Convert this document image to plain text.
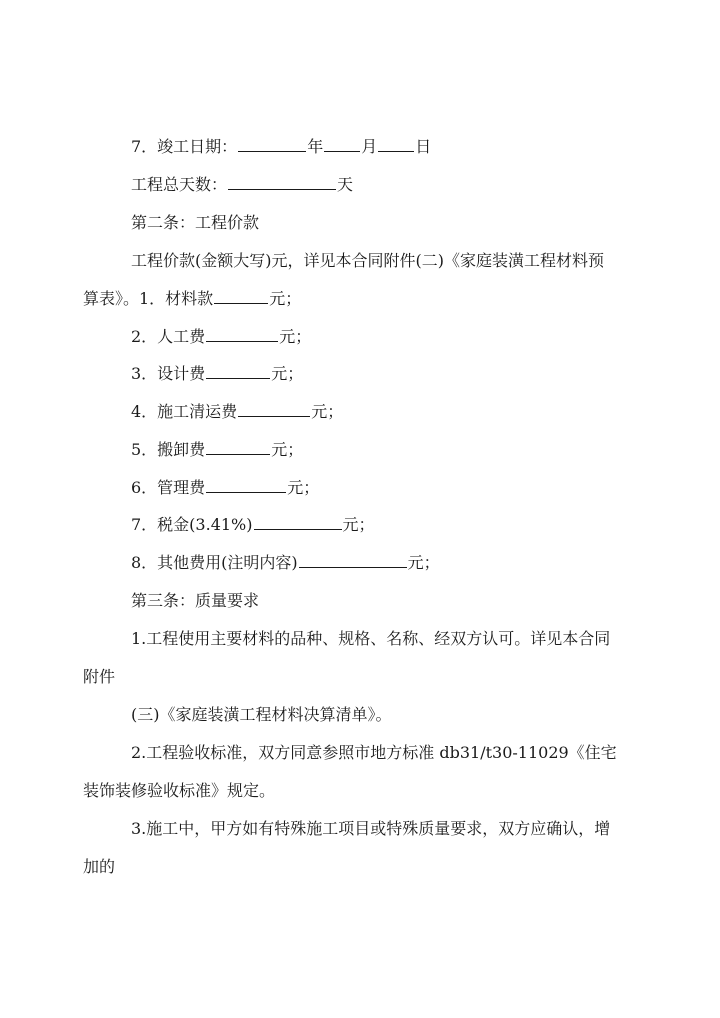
7．竣工日期：	年 月 日
工程总天数：	天
第二条：工程价款
工程价款(金额大写)元，详见本合同附件(二)《家庭装潢工程材料预
算表》。1．材料款	元；
2．人工费	元；
3．设计费	元；
4．施工清运费	元；
5．搬卸费	元；
6．管理费	元；
7．税金(3.41%)	元；
8．其他费用(注明内容)	元；
第三条：质量要求
1.工程使用主要材料的品种、规格、名称、经双方认可。详见本合同
附件
(三)《家庭装潢工程材料决算清单》。
2.工程验收标准，双方同意参照市地方标准 db31/t30-11029《住宅
装饰装修验收标准》规定。
3.施工中，甲方如有特殊施工项目或特殊质量要求，双方应确认，增
加的
